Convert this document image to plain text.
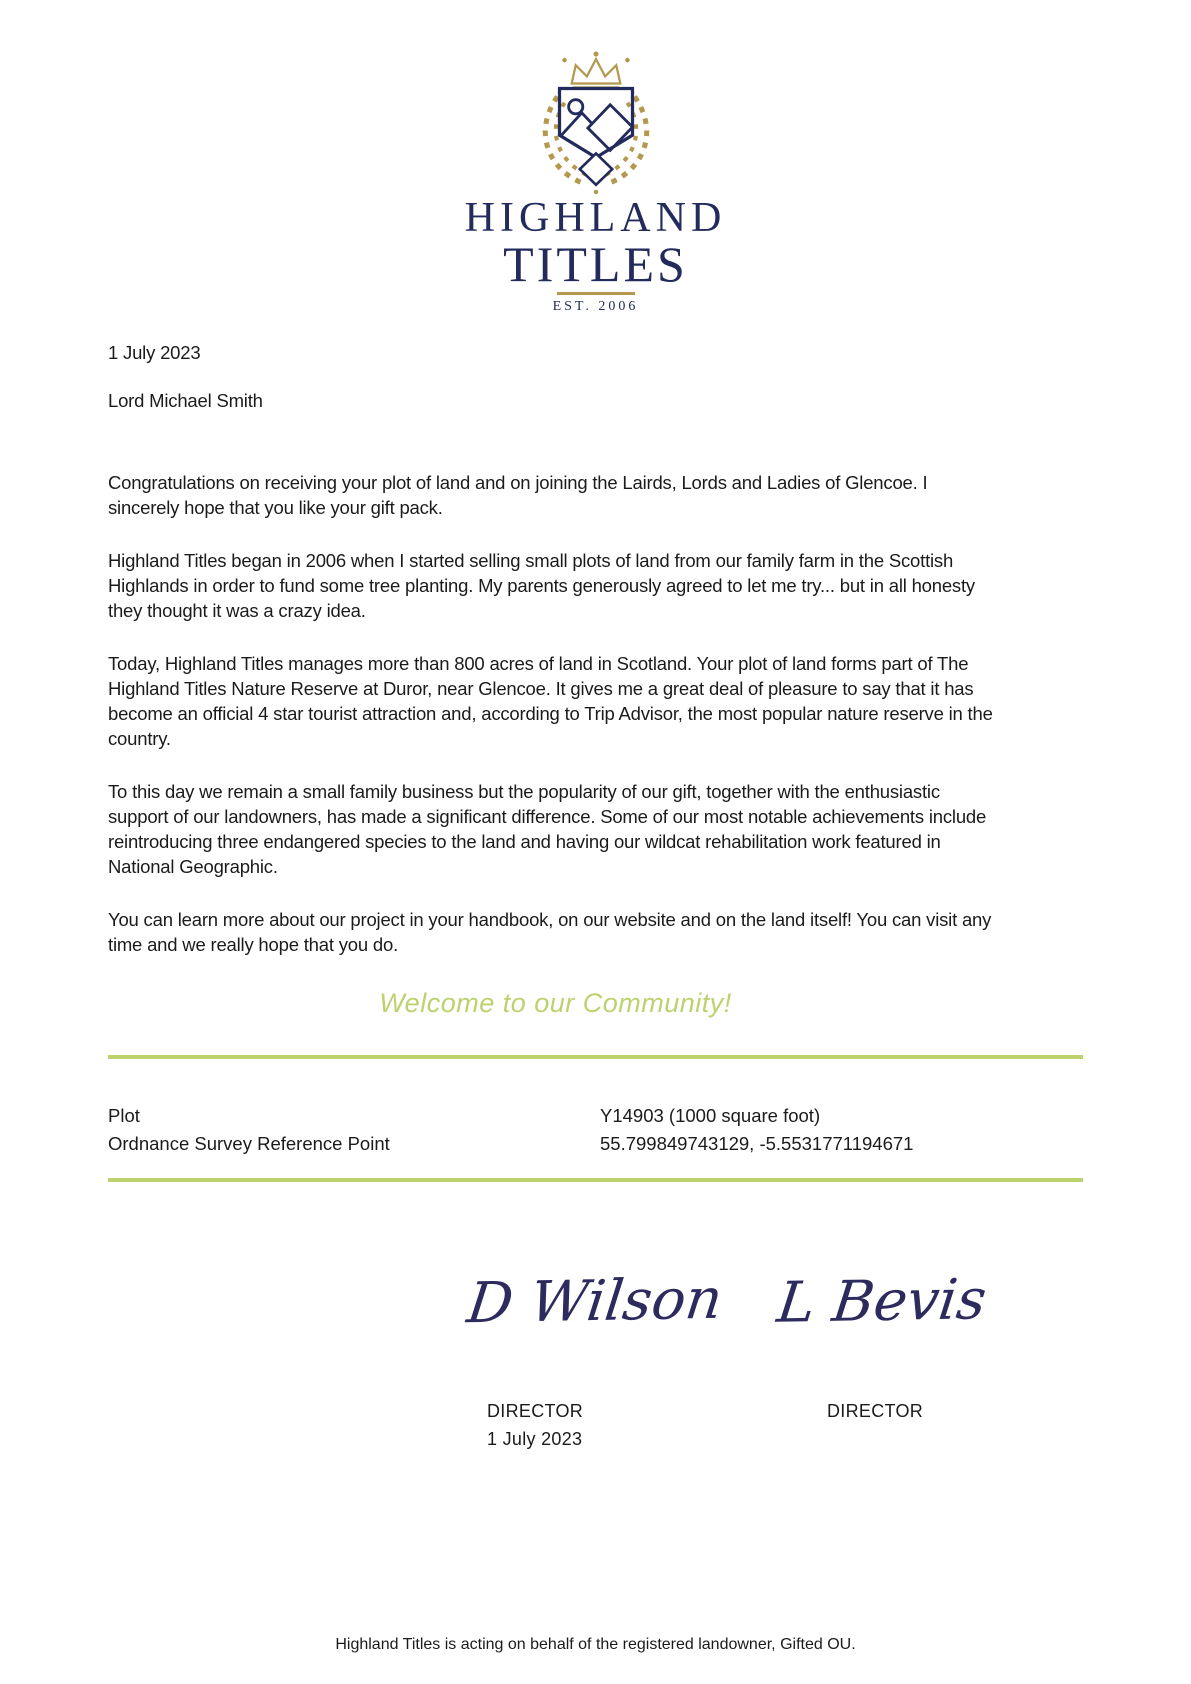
HIGHLAND
TITLES
EST. 2006

1 July 2023

Lord Michael Smith

Congratulations on receiving your plot of land and on joining the Lairds, Lords and Ladies of Glencoe. I sincerely hope that you like your gift pack.

Highland Titles began in 2006 when I started selling small plots of land from our family farm in the Scottish Highlands in order to fund some tree planting. My parents generously agreed to let me try... but in all honesty they thought it was a crazy idea.

Today, Highland Titles manages more than 800 acres of land in Scotland. Your plot of land forms part of The Highland Titles Nature Reserve at Duror, near Glencoe. It gives me a great deal of pleasure to say that it has become an official 4 star tourist attraction and, according to Trip Advisor, the most popular nature reserve in the country.

To this day we remain a small family business but the popularity of our gift, together with the enthusiastic support of our landowners, has made a significant difference. Some of our most notable achievements include reintroducing three endangered species to the land and having our wildcat rehabilitation work featured in National Geographic.

You can learn more about our project in your handbook, on our website and on the land itself! You can visit any time and we really hope that you do.

Welcome to our Community!
Plot	Y14903 (1000 square foot)
Ordnance Survey Reference Point	55.799849743129, -5.5531771194671
D Wilson L Bevis
DIRECTOR
1 July 2023
DIRECTOR
Highland Titles is acting on behalf of the registered landowner, Gifted OU.
